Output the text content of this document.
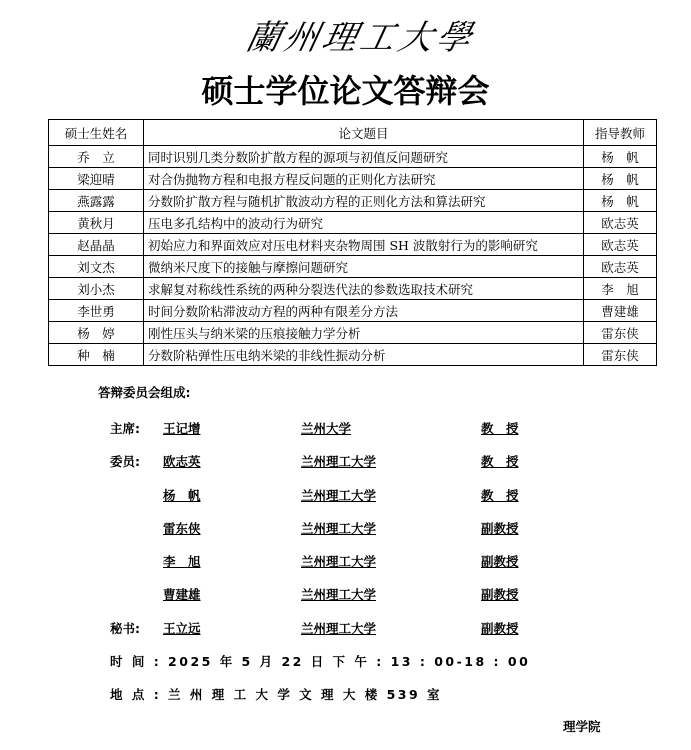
蘭州理工大學
硕士学位论文答辩会
硕士生姓名	论文题目	指导教师
乔　立	同时识别几类分数阶扩散方程的源项与初值反问题研究	杨　帆
梁迎晴	对合伪抛物方程和电报方程反问题的正则化方法研究	杨　帆
燕露露	分数阶扩散方程与随机扩散波动方程的正则化方法和算法研究	杨　帆
黄秋月	压电多孔结构中的波动行为研究	欧志英
赵晶晶	初始应力和界面效应对压电材料夹杂物周围 SH 波散射行为的影响研究	欧志英
刘文杰	微纳米尺度下的接触与摩擦问题研究	欧志英
刘小杰	求解复对称线性系统的两种分裂迭代法的参数选取技术研究	李　旭
李世勇	时间分数阶粘滞波动方程的两种有限差分方法	曹建雄
杨　婷	刚性压头与纳米梁的压痕接触力学分析	雷东侠
种　楠	分数阶粘弹性压电纳米梁的非线性振动分析	雷东侠
答辩委员会组成:
主席: 王记增	兰州大学	教　授
委员: 欧志英	兰州理工大学	教　授
杨　帆	兰州理工大学	教　授
雷东侠	兰州理工大学	副教授
李　旭	兰州理工大学	副教授
曹建雄	兰州理工大学	副教授
秘书: 王立远	兰州理工大学	副教授
时 间 : 2025 年 5 月 22 日 下 午 : 13 : 00-18 : 00
地 点 : 兰 州 理 工 大 学 文 理 大 楼 539 室
理学院
